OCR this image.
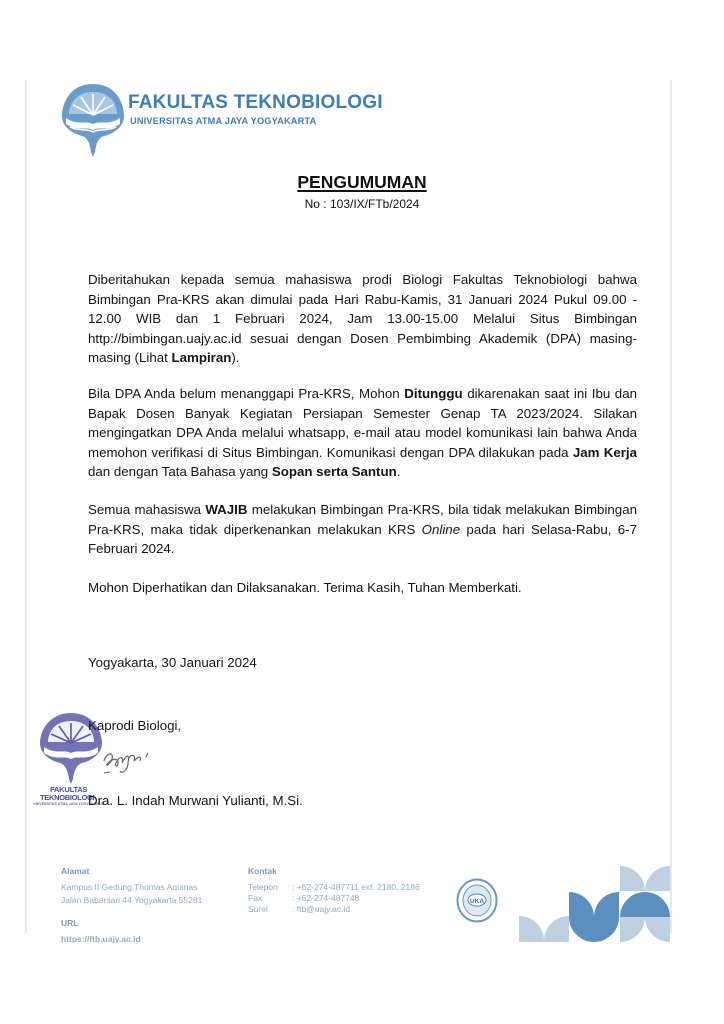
FAKULTAS TEKNOBIOLOGI
UNIVERSITAS ATMA JAYA YOGYAKARTA
PENGUMUMAN
No : 103/IX/FTb/2024
Diberitahukan kepada semua mahasiswa prodi Biologi Fakultas Teknobiologi bahwa Bimbingan Pra-KRS akan dimulai pada Hari Rabu-Kamis, 31 Januari 2024 Pukul 09.00 - 12.00 WIB dan 1 Februari 2024, Jam 13.00-15.00 Melalui Situs Bimbingan http://bimbingan.uajy.ac.id sesuai dengan Dosen Pembimbing Akademik (DPA) masing-masing (Lihat Lampiran).
Bila DPA Anda belum menanggapi Pra-KRS, Mohon Ditunggu dikarenakan saat ini Ibu dan Bapak Dosen Banyak Kegiatan Persiapan Semester Genap TA 2023/2024. Silakan mengingatkan DPA Anda melalui whatsapp, e-mail atau model komunikasi lain bahwa Anda memohon verifikasi di Situs Bimbingan. Komunikasi dengan DPA dilakukan pada Jam Kerja dan dengan Tata Bahasa yang Sopan serta Santun.
Semua mahasiswa WAJIB melakukan Bimbingan Pra-KRS, bila tidak melakukan Bimbingan Pra-KRS, maka tidak diperkenankan melakukan KRS Online pada hari Selasa-Rabu, 6-7 Februari 2024.
Mohon Diperhatikan dan Dilaksanakan. Terima Kasih, Tuhan Memberkati.
Yogyakarta, 30 Januari 2024
FAKULTAS
TEKNOBIOLOGI
UNIVERSITAS ATMA JAYA YOGYAKARTA
Kaprodi Biologi,
Dra. L. Indah Murwani Yulianti, M.Si.
Alamat
Kampus II Gedung Thomas Aquinas
Jalan Babarsari 44 Yogyakarta 55281
URL
https://ftb.uajy.ac.id
Kontak
Telepon : +62-274-487711 ext. 2180, 2186
Fax	: +62-274-487748
Surel	: ftb@uajy.ac.id
UKA
